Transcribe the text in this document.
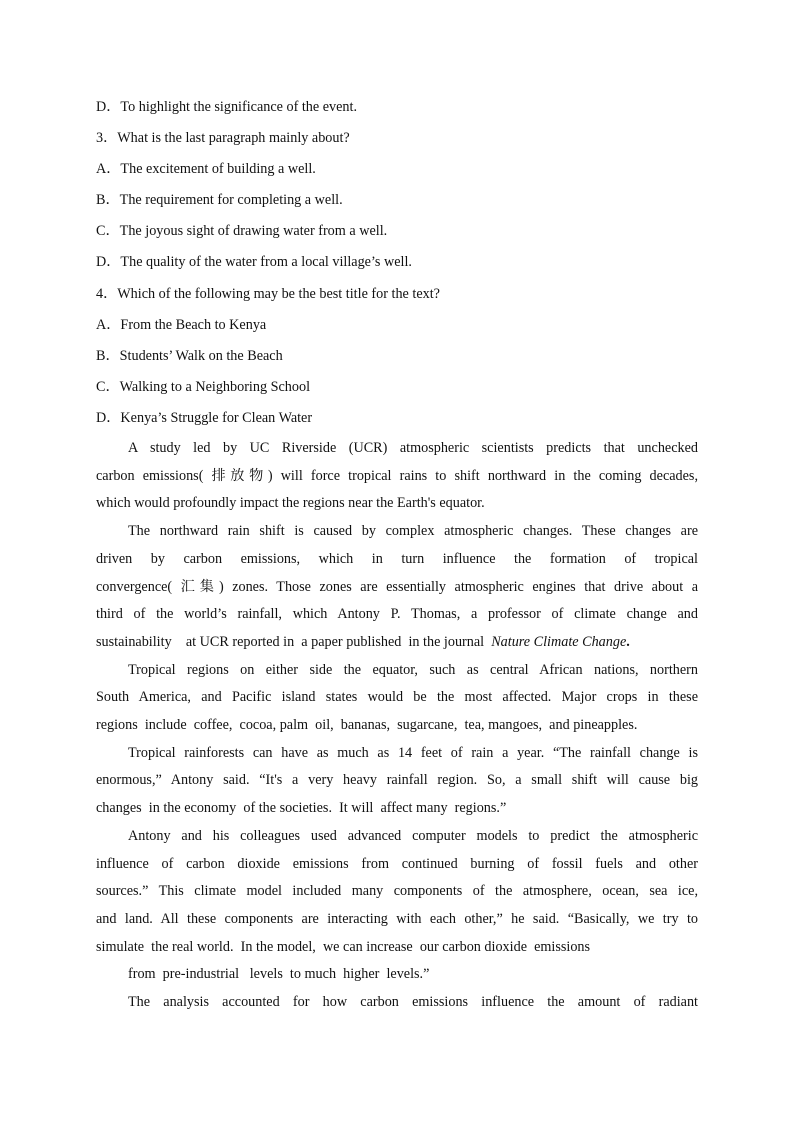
D．To highlight the significance of the event.
3．What is the last paragraph mainly about?
A．The excitement of building a well.
B．The requirement for completing a well.
C．The joyous sight of drawing water from a well.
D．The quality of the water from a local village’s well.
4．Which of the following may be the best title for the text?
A．From the Beach to Kenya
B．Students’ Walk on the Beach
C．Walking to a Neighboring School
D．Kenya’s Struggle for Clean Water
A study led by UC Riverside (UCR) atmospheric scientists predicts that unchecked
carbon emissions( 排放物) will force tropical rains to shift northward in the coming decades,
which would profoundly impact the regions near the Earth's equator.
The northward rain shift is caused by complex atmospheric changes. These changes are
driven by carbon emissions, which in turn influence the formation of tropical
convergence( 汇集) zones. Those zones are essentially atmospheric engines that drive about a
third of the world’s rainfall, which Antony P. Thomas, a professor of climate change and
sustainability    at UCR reported in  a paper published  in the journal  Nature Climate Change.
Tropical regions on either side the equator, such as central African nations, northern
South America, and Pacific island states would be the most affected. Major crops in these
regions  include  coffee,  cocoa, palm  oil,  bananas,  sugarcane,  tea, mangoes,  and pineapples.
Tropical rainforests can have as much as 14 feet of rain a year. “The rainfall change is
enormous,” Antony said. “It's a very heavy rainfall region. So, a small shift will cause big
changes  in the economy  of the societies.  It will  affect many  regions.”
Antony and his colleagues used advanced computer models to predict the atmospheric
influence of carbon dioxide emissions from continued burning of fossil fuels and other
sources.” This climate model included many components of the atmosphere, ocean, sea ice,
and land. All these components are interacting with each other,” he said. “Basically, we try to
simulate  the real world.  In the model,  we can increase  our carbon dioxide  emissions
from  pre-industrial   levels  to much  higher  levels.”
The analysis accounted for how carbon emissions influence the amount of radiant
